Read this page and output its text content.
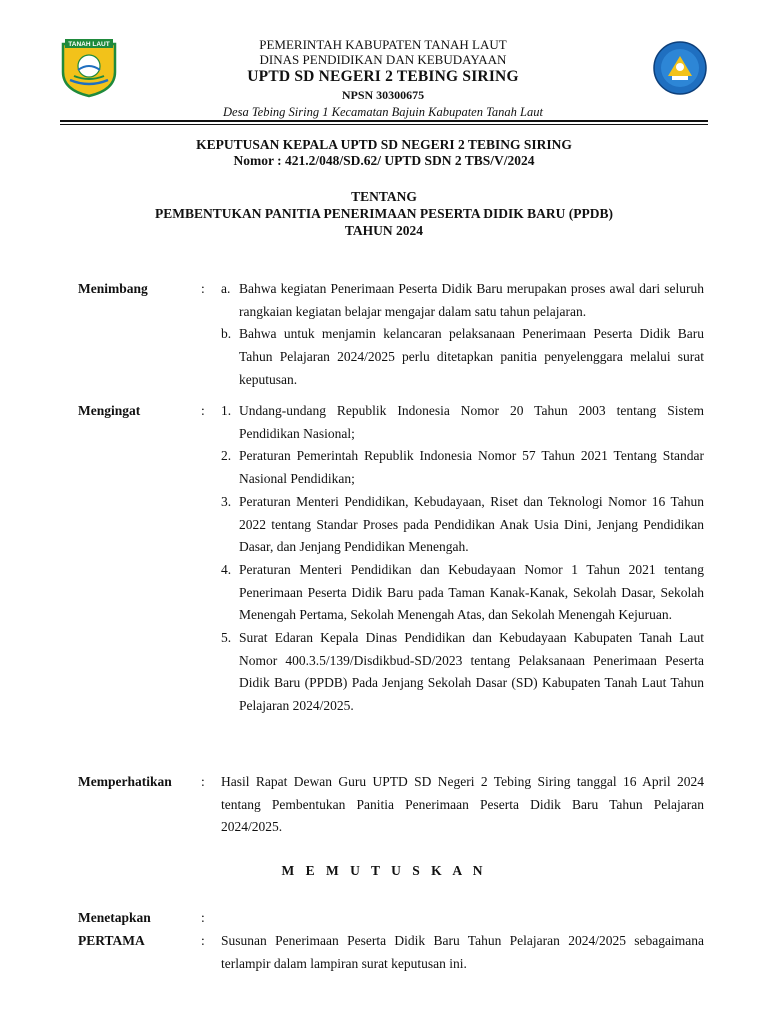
TANAH LAUT	PEMERINTAH KABUPATEN TANAH LAUT
DINAS PENDIDIKAN DAN KEBUDAYAAN
UPTD SD NEGERI 2 TEBING SIRING
NPSN 30300675
Desa Tebing Siring 1 Kecamatan Bajuin Kabupaten Tanah Laut
KEPUTUSAN KEPALA UPTD SD NEGERI 2 TEBING SIRING
Nomor : 421.2/048/SD.62/ UPTD SDN 2 TBS/V/2024
TENTANG
PEMBENTUKAN PANITIA PENERIMAAN PESERTA DIDIK BARU (PPDB)
TAHUN 2024
Menimbang	: a. Bahwa kegiatan Penerimaan Peserta Didik Baru merupakan proses awal dari seluruh rangkaian kegiatan belajar mengajar dalam satu tahun pelajaran.
b. Bahwa untuk menjamin kelancaran pelaksanaan Penerimaan Peserta Didik Baru Tahun Pelajaran 2024/2025 perlu ditetapkan panitia penyelenggara melalui surat keputusan.
Mengingat	: 1. Undang-undang Republik Indonesia Nomor 20 Tahun 2003 tentang Sistem Pendidikan Nasional;
2. Peraturan Pemerintah Republik Indonesia Nomor 57 Tahun 2021 Tentang Standar Nasional Pendidikan;
3. Peraturan Menteri Pendidikan, Kebudayaan, Riset dan Teknologi Nomor 16 Tahun 2022 tentang Standar Proses pada Pendidikan Anak Usia Dini, Jenjang Pendidikan Dasar, dan Jenjang Pendidikan Menengah.
4. Peraturan Menteri Pendidikan dan Kebudayaan Nomor 1 Tahun 2021 tentang Penerimaan Peserta Didik Baru pada Taman Kanak-Kanak, Sekolah Dasar, Sekolah Menengah Pertama, Sekolah Menengah Atas, dan Sekolah Menengah Kejuruan.
5. Surat Edaran Kepala Dinas Pendidikan dan Kebudayaan Kabupaten Tanah Laut Nomor 400.3.5/139/Disdikbud-SD/2023 tentang Pelaksanaan Penerimaan Peserta Didik Baru (PPDB) Pada Jenjang Sekolah Dasar (SD) Kabupaten Tanah Laut Tahun Pelajaran 2024/2025.
Memperhatikan : Hasil Rapat Dewan Guru UPTD SD Negeri 2 Tebing Siring tanggal 16 April 2024 tentang Pembentukan Panitia Penerimaan Peserta Didik Baru Tahun Pelajaran 2024/2025.
M E M U T U S K A N
Menetapkan	:
PERTAMA	: Susunan Penerimaan Peserta Didik Baru Tahun Pelajaran 2024/2025 sebagaimana terlampir dalam lampiran surat keputusan ini.
